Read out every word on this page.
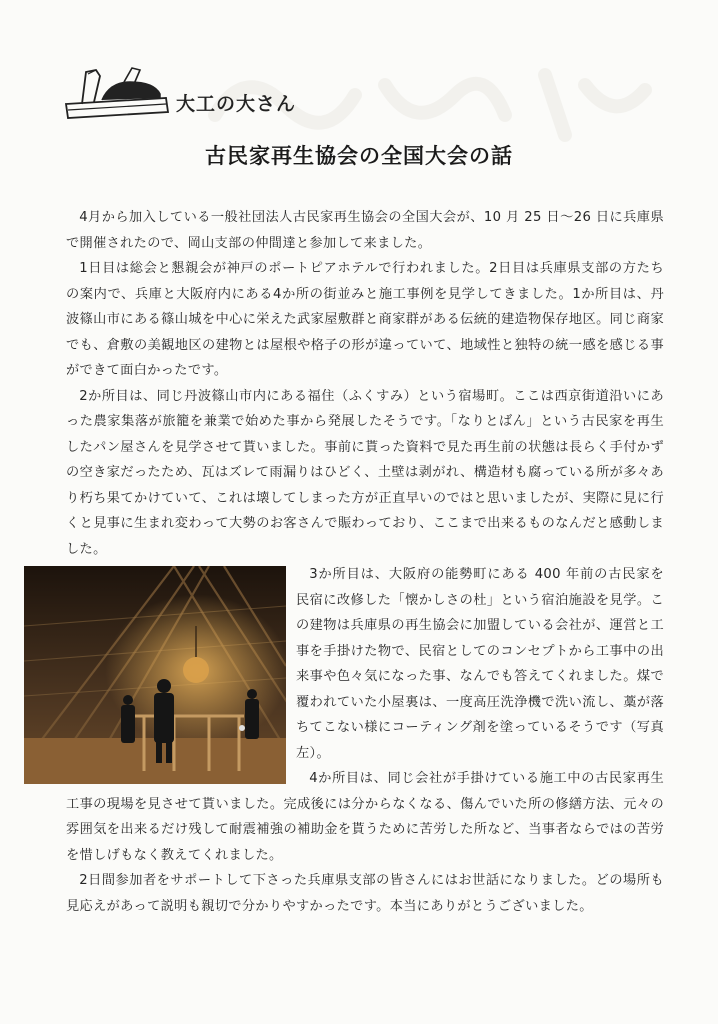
大工の大さん
古民家再生協会の全国大会の話

4月から加入している一般社団法人古民家再生協会の全国大会が、10 月 25 日～26 日に兵庫県で開催されたので、岡山支部の仲間達と参加して来ました。

1日目は総会と懇親会が神戸のポートピアホテルで行われました。2日目は兵庫県支部の方たちの案内で、兵庫と大阪府内にある4か所の街並みと施工事例を見学してきました。1か所目は、丹波篠山市にある篠山城を中心に栄えた武家屋敷群と商家群がある伝統的建造物保存地区。同じ商家でも、倉敷の美観地区の建物とは屋根や格子の形が違っていて、地域性と独特の統一感を感じる事ができて面白かったです。

2か所目は、同じ丹波篠山市内にある福住（ふくすみ）という宿場町。ここは西京街道沿いにあった農家集落が旅籠を兼業で始めた事から発展したそうです。「なりとばん」という古民家を再生したパン屋さんを見学させて貰いました。事前に貰った資料で見た再生前の状態は長らく手付かずの空き家だったため、瓦はズレて雨漏りはひどく、土壁は剥がれ、構造材も腐っている所が多々あり朽ち果てかけていて、これは壊してしまった方が正直早いのではと思いましたが、実際に見に行くと見事に生まれ変わって大勢のお客さんで賑わっており、ここまで出来るものなんだと感動しました。

3か所目は、大阪府の能勢町にある 400 年前の古民家を民宿に改修した「懐かしさの杜」という宿泊施設を見学。この建物は兵庫県の再生協会に加盟している会社が、運営と工事を手掛けた物で、民宿としてのコンセプトから工事中の出来事や色々気になった事、なんでも答えてくれました。煤で覆われていた小屋裏は、一度高圧洗浄機で洗い流し、藁が落ちてこない様にコーティング剤を塗っているそうです（写真左）。

4か所目は、同じ会社が手掛けている施工中の古民家再生工事の現場を見させて貰いました。完成後には分からなくなる、傷んでいた所の修繕方法、元々の雰囲気を出来るだけ残して耐震補強の補助金を貰うために苦労した所など、当事者ならではの苦労を惜しげもなく教えてくれました。

2日間参加者をサポートして下さった兵庫県支部の皆さんにはお世話になりました。どの場所も見応えがあって説明も親切で分かりやすかったです。本当にありがとうございました。
